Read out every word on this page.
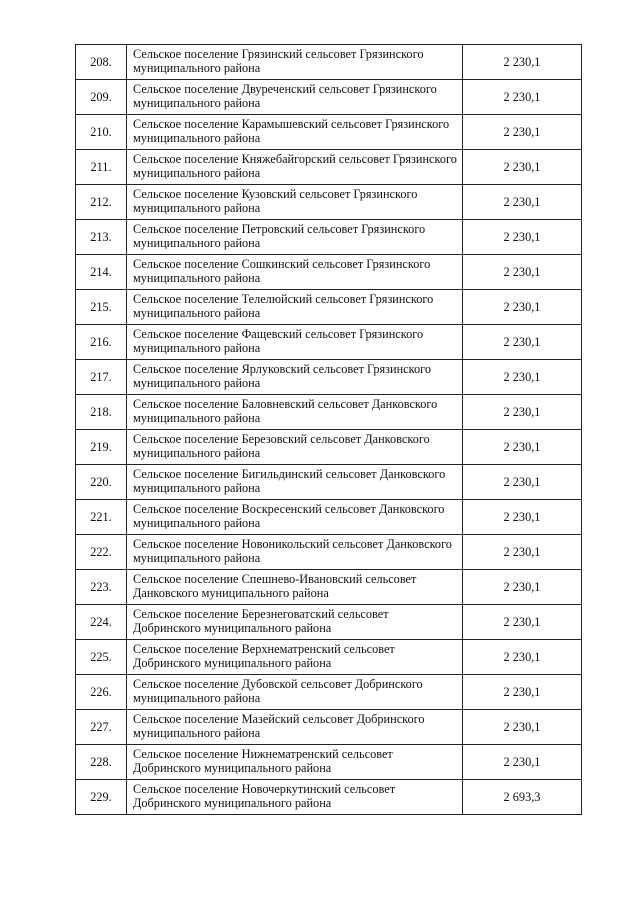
208.	Сельское поселение Грязинский сельсовет Грязинского муниципального района	2 230,1
209.	Сельское поселение Двуреченский сельсовет Грязинского муниципального района	2 230,1
210.	Сельское поселение Карамышевский сельсовет Грязинского муниципального района	2 230,1
211.	Сельское поселение Княжебайгорский сельсовет Грязинского муниципального района	2 230,1
212.	Сельское поселение Кузовский сельсовет Грязинского муниципального района	2 230,1
213.	Сельское поселение Петровский сельсовет Грязинского муниципального района	2 230,1
214.	Сельское поселение Сошкинский сельсовет Грязинского муниципального района	2 230,1
215.	Сельское поселение Телелюйский сельсовет Грязинского муниципального района	2 230,1
216.	Сельское поселение Фащевский сельсовет Грязинского муниципального района	2 230,1
217.	Сельское поселение Ярлуковский сельсовет Грязинского муниципального района	2 230,1
218.	Сельское поселение Баловневский сельсовет Данковского муниципального района	2 230,1
219.	Сельское поселение Березовский сельсовет Данковского муниципального района	2 230,1
220.	Сельское поселение Бигильдинский сельсовет Данковского муниципального района	2 230,1
221.	Сельское поселение Воскресенский сельсовет Данковского муниципального района	2 230,1
222.	Сельское поселение Новоникольский сельсовет Данковского муниципального района	2 230,1
223.	Сельское поселение Спешнево-Ивановский сельсовет Данковского муниципального района	2 230,1
224.	Сельское поселение Березнеговатский сельсовет Добринского муниципального района	2 230,1
225.	Сельское поселение Верхнематренский сельсовет Добринского муниципального района	2 230,1
226.	Сельское поселение Дубовской сельсовет Добринского муниципального района	2 230,1
227.	Сельское поселение Мазейский сельсовет Добринского муниципального района	2 230,1
228.	Сельское поселение Нижнематренский сельсовет Добринского муниципального района	2 230,1
229.	Сельское поселение Новочеркутинский сельсовет Добринского муниципального района	2 693,3
